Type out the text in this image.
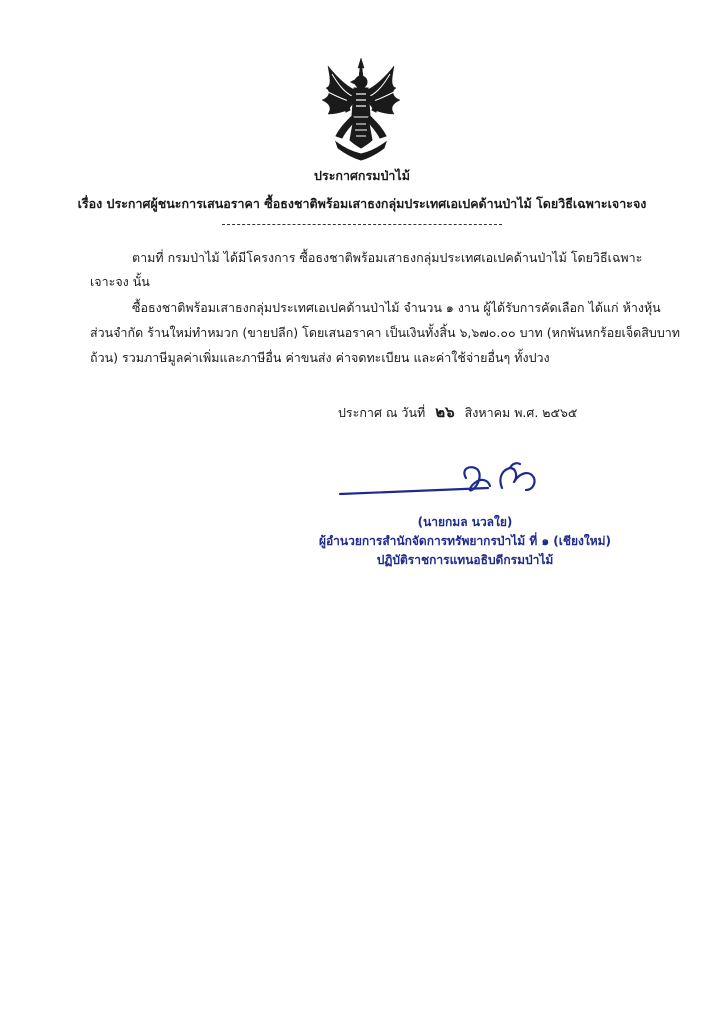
ประกาศกรมป่าไม้
เรื่อง ประกาศผู้ชนะการเสนอราคา ซื้อธงชาติพร้อมเสาธงกลุ่มประเทศเอเปคด้านป่าไม้ โดยวิธีเฉพาะเจาะจง
ตามที่ กรมป่าไม้ ได้มีโครงการ ซื้อธงชาติพร้อมเสาธงกลุ่มประเทศเอเปคด้านป่าไม้ โดยวิธีเฉพาะ
เจาะจง นั้น
ซื้อธงชาติพร้อมเสาธงกลุ่มประเทศเอเปคด้านป่าไม้ จำนวน ๑ งาน ผู้ได้รับการคัดเลือก ได้แก่ ห้างหุ้น
ส่วนจำกัด ร้านใหม่ทำหมวก (ขายปลีก) โดยเสนอราคา เป็นเงินทั้งสิ้น ๖,๖๗๐.๐๐ บาท (หกพันหกร้อยเจ็ดสิบบาท
ถ้วน) รวมภาษีมูลค่าเพิ่มและภาษีอื่น ค่าขนส่ง ค่าจดทะเบียน และค่าใช้จ่ายอื่นๆ ทั้งปวง
ประกาศ ณ วันที่ ๒๖ สิงหาคม พ.ศ. ๒๕๖๕
(นายกมล นวลใย)
ผู้อำนวยการสำนักจัดการทรัพยากรป่าไม้ ที่ ๑ (เชียงใหม่)
ปฏิบัติราชการแทนอธิบดีกรมป่าไม้
